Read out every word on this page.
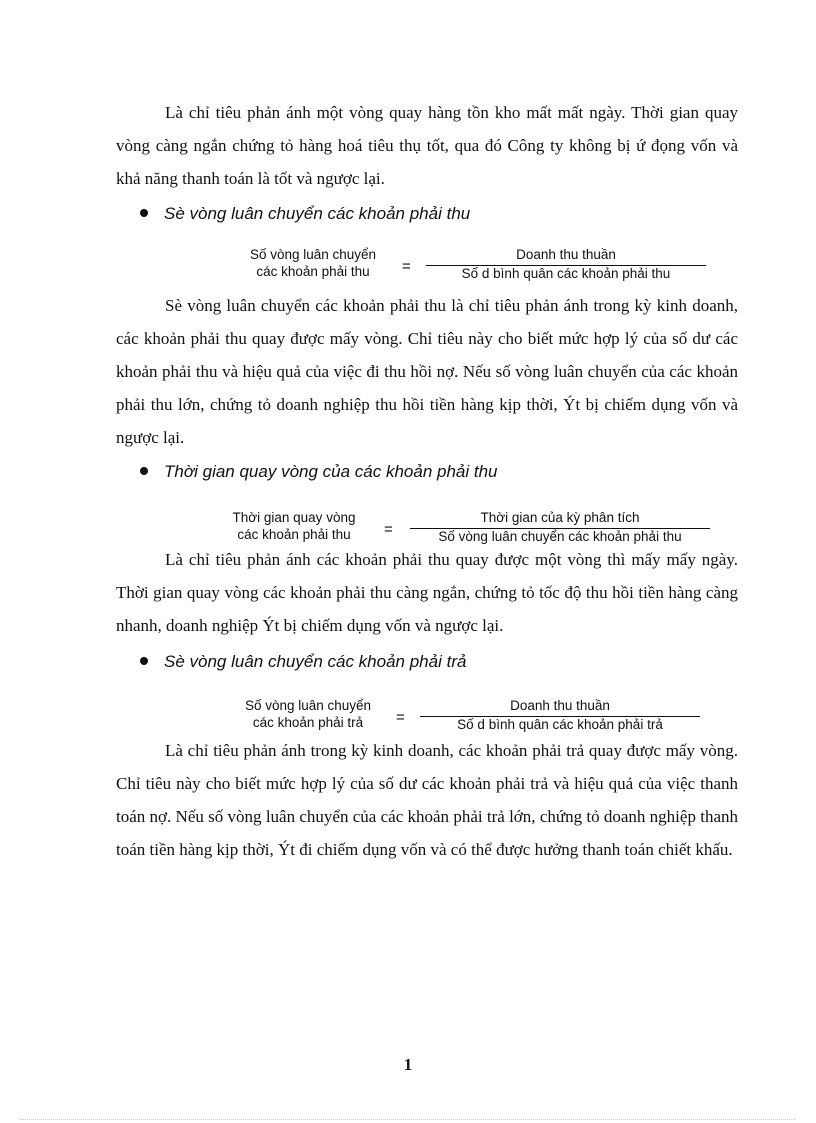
Là chỉ tiêu phản ánh một vòng quay hàng tồn kho mất mất ngày. Thời gian quay vòng càng ngắn chứng tỏ hàng hoá tiêu thụ tốt, qua đó Công ty không bị ứ đọng vốn và khả năng thanh toán là tốt và ngược lại.

Sè vòng luân chuyển các khoản phải thu
Số vòng luân chuyển
các khoản phải thu	=
Doanh thu thuần
Số d bình quân các khoản phải thu

Sè vòng luân chuyển các khoản phải thu là chỉ tiêu phản ánh trong kỳ kinh doanh, các khoản phải thu quay được mấy vòng. Chỉ tiêu này cho biết mức hợp lý của số dư các khoản phải thu và hiệu quả của việc đi thu hồi nợ. Nếu số vòng luân chuyển của các khoản phải thu lớn, chứng tỏ doanh nghiệp thu hồi tiền hàng kịp thời, Ýt bị chiếm dụng vốn và ngược lại.

Thời gian quay vòng của các khoản phải thu
Thời gian quay vòng
các khoản phải thu	=
Thời gian của kỳ phân tích
Số vòng luân chuyển các khoản phải thu

Là chỉ tiêu phản ánh các khoản phải thu quay được một vòng thì mấy mấy ngày. Thời gian quay vòng các khoản phải thu càng ngắn, chứng tỏ tốc độ thu hồi tiền hàng càng nhanh, doanh nghiệp Ýt bị chiếm dụng vốn và ngược lại.

Sè vòng luân chuyển các khoản phải trả
Số vòng luân chuyển
các khoản phải trả	=
Doanh thu thuần
Số d bình quân các khoản phải trả

Là chỉ tiêu phản ánh trong kỳ kinh doanh, các khoản phải trả quay được mấy vòng. Chỉ tiêu này cho biết mức hợp lý của số dư các khoản phải trả và hiệu quả của việc thanh toán nợ. Nếu số vòng luân chuyển của các khoản phải trả lớn, chứng tỏ doanh nghiệp thanh toán tiền hàng kịp thời, Ýt đi chiếm dụng vốn và có thể được hưởng thanh toán chiết khấu.

1
